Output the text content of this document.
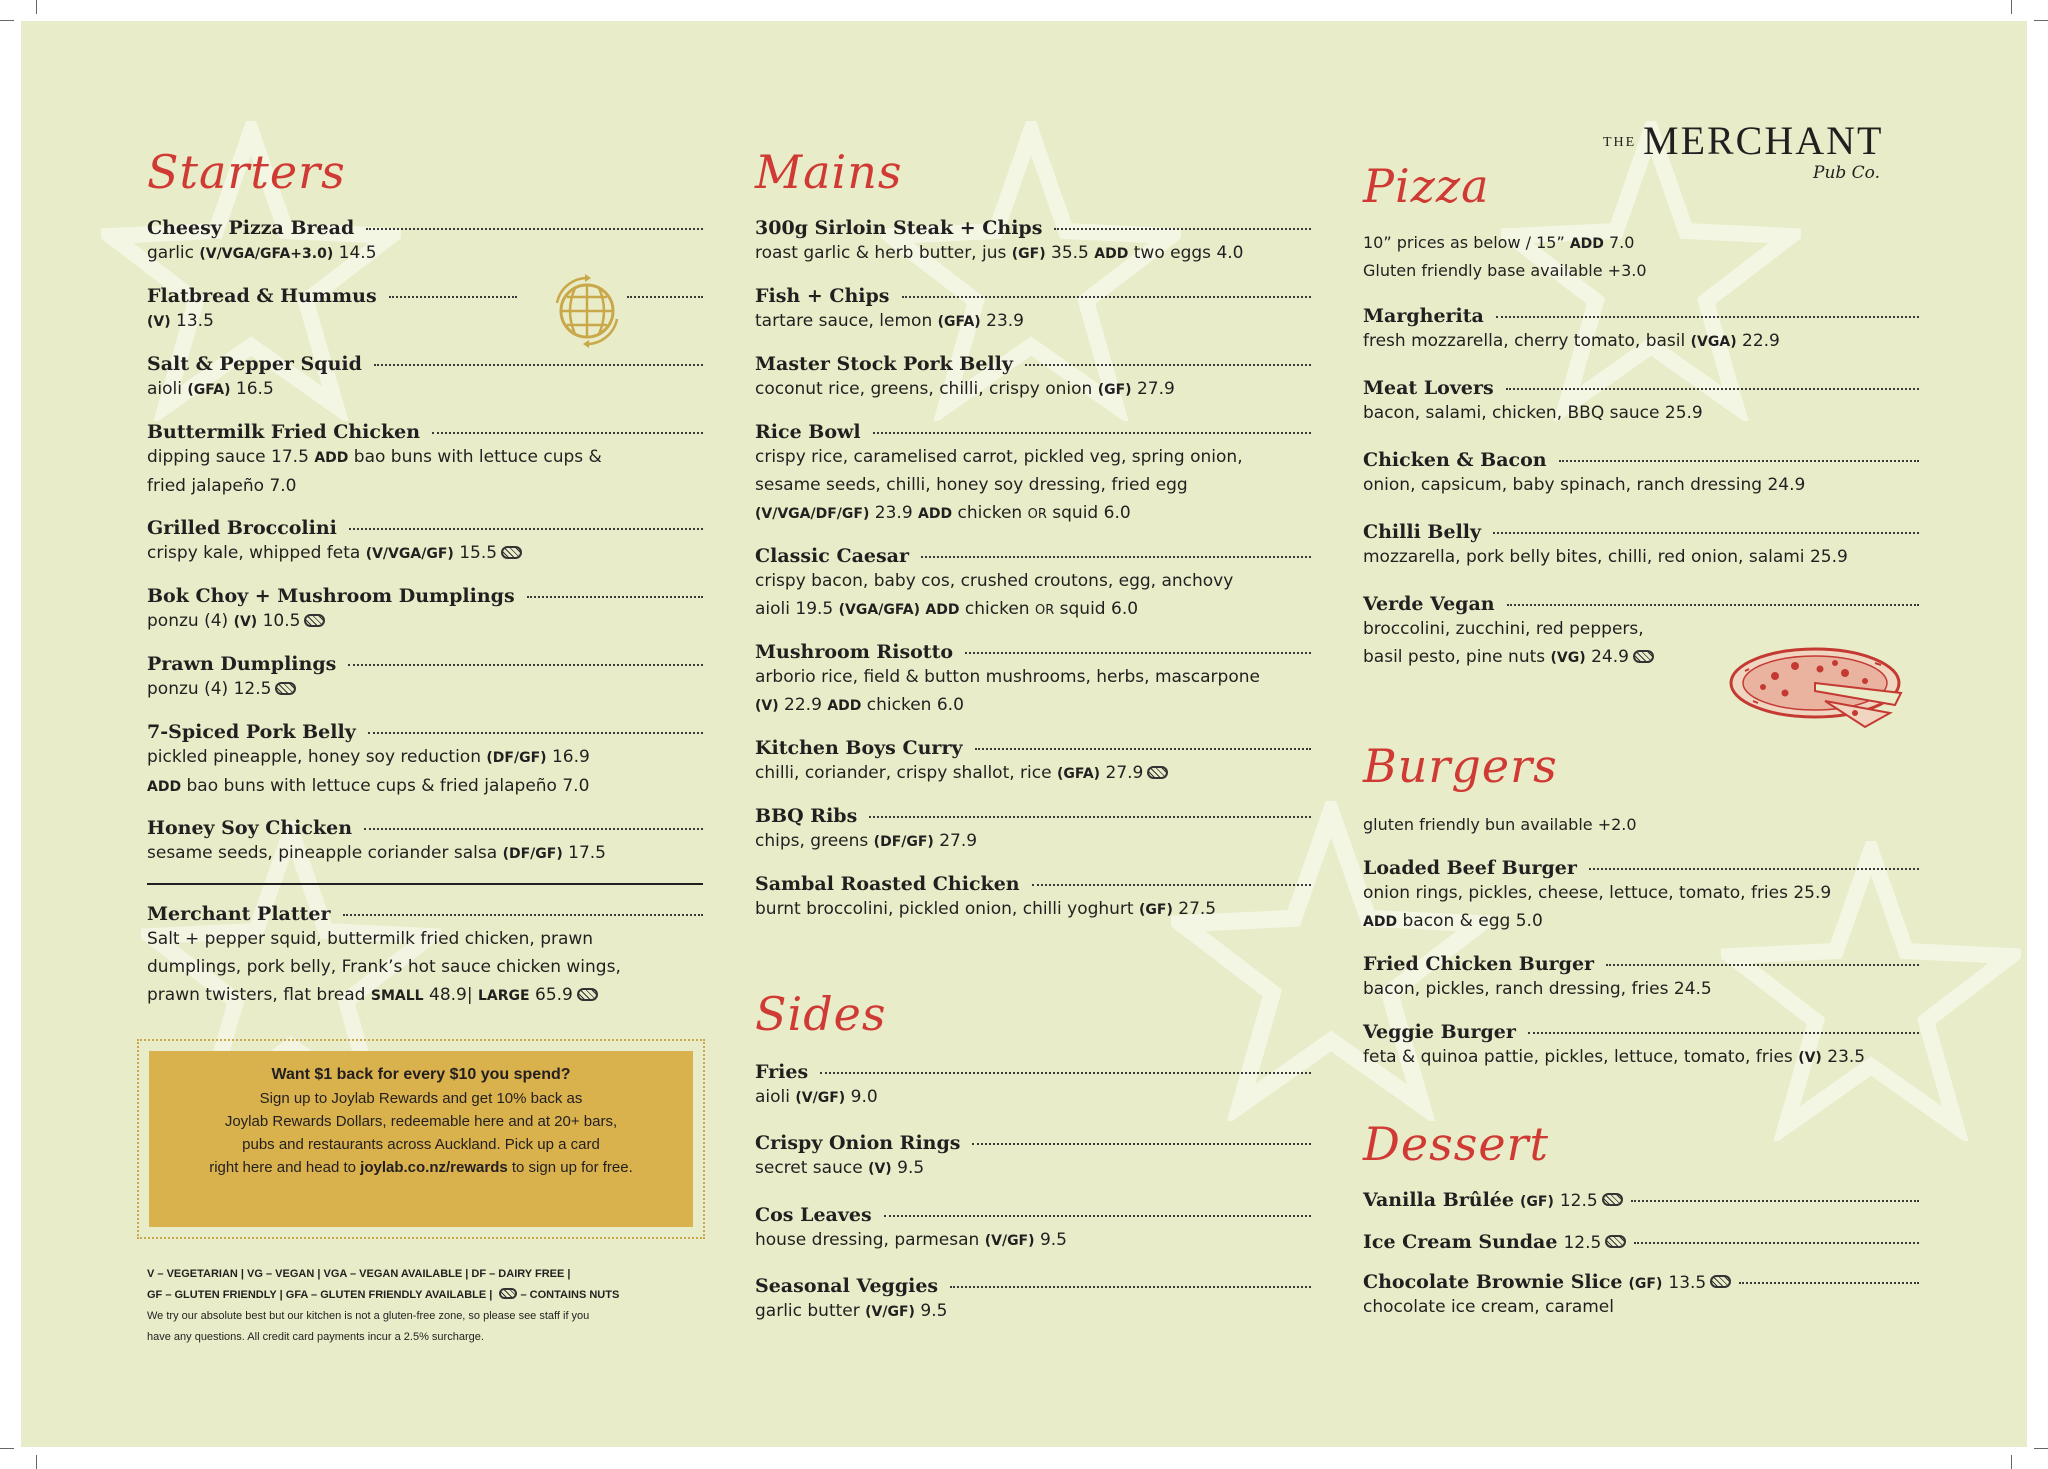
Starters
Cheesy Pizza Bread
garlic (V/VGA/GFA+3.0) 14.5
Flatbread & Hummus
(V) 13.5
Salt & Pepper Squid
aioli (GFA) 16.5
Buttermilk Fried Chicken
dipping sauce 17.5 ADD bao buns with lettuce cups &
fried jalapeño 7.0
Grilled Broccolini
crispy kale, whipped feta (V/VGA/GF) 15.5
Bok Choy + Mushroom Dumplings
ponzu (4) (V) 10.5
Prawn Dumplings
ponzu (4) 12.5
7-Spiced Pork Belly
pickled pineapple, honey soy reduction (DF/GF) 16.9
ADD bao buns with lettuce cups & fried jalapeño 7.0
Honey Soy Chicken
sesame seeds, pineapple coriander salsa (DF/GF) 17.5
Merchant Platter
Salt + pepper squid, buttermilk fried chicken, prawn
dumplings, pork belly, Frank’s hot sauce chicken wings,
prawn twisters, flat bread SMALL 48.9| LARGE 65.9
Want $1 back for every $10 you spend?
Sign up to Joylab Rewards and get 10% back as
Joylab Rewards Dollars, redeemable here and at 20+ bars,
pubs and restaurants across Auckland. Pick up a card
right here and head to joylab.co.nz/rewards to sign up for free.
V – VEGETARIAN | VG – VEGAN | VGA – VEGAN AVAILABLE | DF – DAIRY FREE |
GF – GLUTEN FRIENDLY | GFA – GLUTEN FRIENDLY AVAILABLE |	– CONTAINS NUTS
We try our absolute best but our kitchen is not a gluten-free zone, so please see staff if you
have any questions. All credit card payments incur a 2.5% surcharge.
Mains
300g Sirloin Steak + Chips
roast garlic & herb butter, jus (GF) 35.5 ADD two eggs 4.0
Fish + Chips
tartare sauce, lemon (GFA) 23.9
Master Stock Pork Belly
coconut rice, greens, chilli, crispy onion (GF) 27.9
Rice Bowl
crispy rice, caramelised carrot, pickled veg, spring onion,
sesame seeds, chilli, honey soy dressing, fried egg
(V/VGA/DF/GF) 23.9 ADD chicken OR squid 6.0
Classic Caesar
crispy bacon, baby cos, crushed croutons, egg, anchovy
aioli 19.5 (VGA/GFA) ADD chicken OR squid 6.0
Mushroom Risotto
arborio rice, field & button mushrooms, herbs, mascarpone
(V) 22.9 ADD chicken 6.0
Kitchen Boys Curry
chilli, coriander, crispy shallot, rice (GFA) 27.9
BBQ Ribs
chips, greens (DF/GF) 27.9
Sambal Roasted Chicken
burnt broccolini, pickled onion, chilli yoghurt (GF) 27.5
Sides
Fries
aioli (V/GF) 9.0
Crispy Onion Rings
secret sauce (V) 9.5
Cos Leaves
house dressing, parmesan (V/GF) 9.5
Seasonal Veggies
garlic butter (V/GF) 9.5
THE MERCHANT
Pub Co.
Pizza
10” prices as below / 15” ADD 7.0
Gluten friendly base available +3.0
Margherita
fresh mozzarella, cherry tomato, basil (VGA) 22.9
Meat Lovers
bacon, salami, chicken, BBQ sauce 25.9
Chicken & Bacon
onion, capsicum, baby spinach, ranch dressing 24.9
Chilli Belly
mozzarella, pork belly bites, chilli, red onion, salami 25.9
Verde Vegan
broccolini, zucchini, red peppers,
basil pesto, pine nuts (VG) 24.9
Burgers
gluten friendly bun available +2.0
Loaded Beef Burger
onion rings, pickles, cheese, lettuce, tomato, fries 25.9
ADD bacon & egg 5.0
Fried Chicken Burger
bacon, pickles, ranch dressing, fries 24.5
Veggie Burger
feta & quinoa pattie, pickles, lettuce, tomato, fries (V) 23.5
Dessert
Vanilla Brûlée (GF) 12.5
Ice Cream Sundae 12.5
Chocolate Brownie Slice (GF) 13.5
chocolate ice cream, caramel
